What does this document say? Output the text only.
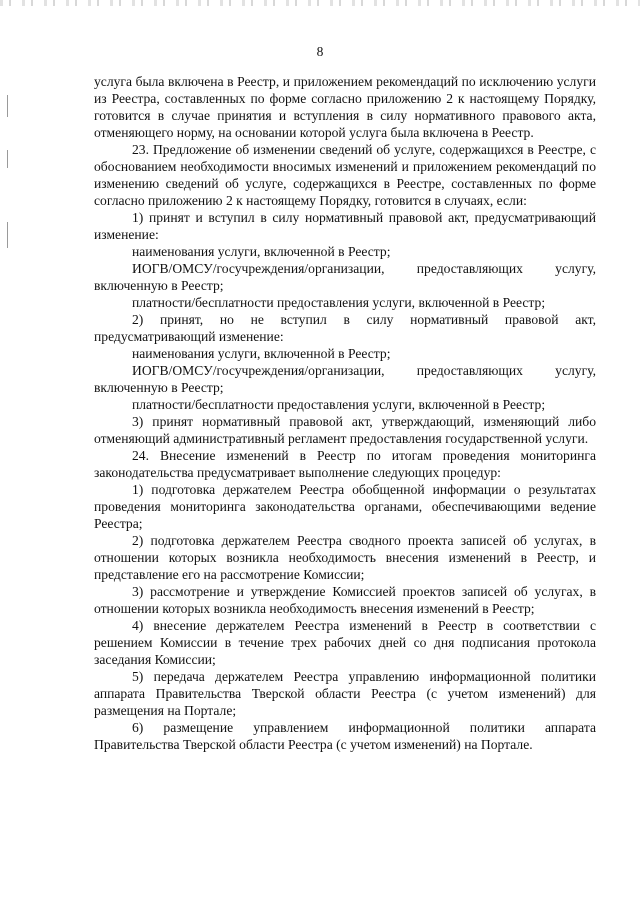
8

услуга была включена в Реестр, и приложением рекомендаций по исключению услуги из Реестра, составленных по форме согласно приложению 2 к настоящему Порядку, готовится в случае принятия и вступления в силу нормативного правового акта, отменяющего норму, на основании которой услуга была включена в Реестр.

23. Предложение об изменении сведений об услуге, содержащихся в Реестре, с обоснованием необходимости вносимых изменений и приложением рекомендаций по изменению сведений об услуге, содержащихся в Реестре, составленных по форме согласно приложению 2 к настоящему Порядку, готовится в случаях, если:

1) принят и вступил в силу нормативный правовой акт, предусматривающий изменение:

наименования услуги, включенной в Реестр;

ИОГВ/ОМСУ/госучреждения/организации, предоставляющих услугу, включенную в Реестр;

платности/бесплатности предоставления услуги, включенной в Реестр;

2) принят, но не вступил в силу нормативный правовой акт, предусматривающий изменение:

наименования услуги, включенной в Реестр;

ИОГВ/ОМСУ/госучреждения/организации, предоставляющих услугу, включенную в Реестр;

платности/бесплатности предоставления услуги, включенной в Реестр;

3) принят нормативный правовой акт, утверждающий, изменяющий либо отменяющий административный регламент предоставления государственной услуги.

24. Внесение изменений в Реестр по итогам проведения мониторинга законодательства предусматривает выполнение следующих процедур:

1) подготовка держателем Реестра обобщенной информации о результатах проведения мониторинга законодательства органами, обеспечивающими ведение Реестра;

2) подготовка держателем Реестра сводного проекта записей об услугах, в отношении которых возникла необходимость внесения изменений в Реестр, и представление его на рассмотрение Комиссии;

3) рассмотрение и утверждение Комиссией проектов записей об услугах, в отношении которых возникла необходимость внесения изменений в Реестр;

4) внесение держателем Реестра изменений в Реестр в соответствии с решением Комиссии в течение трех рабочих дней со дня подписания протокола заседания Комиссии;

5) передача держателем Реестра управлению информационной политики аппарата Правительства Тверской области Реестра (с учетом изменений) для размещения на Портале;

6) размещение управлением информационной политики аппарата Правительства Тверской области Реестра (с учетом изменений) на Портале.
